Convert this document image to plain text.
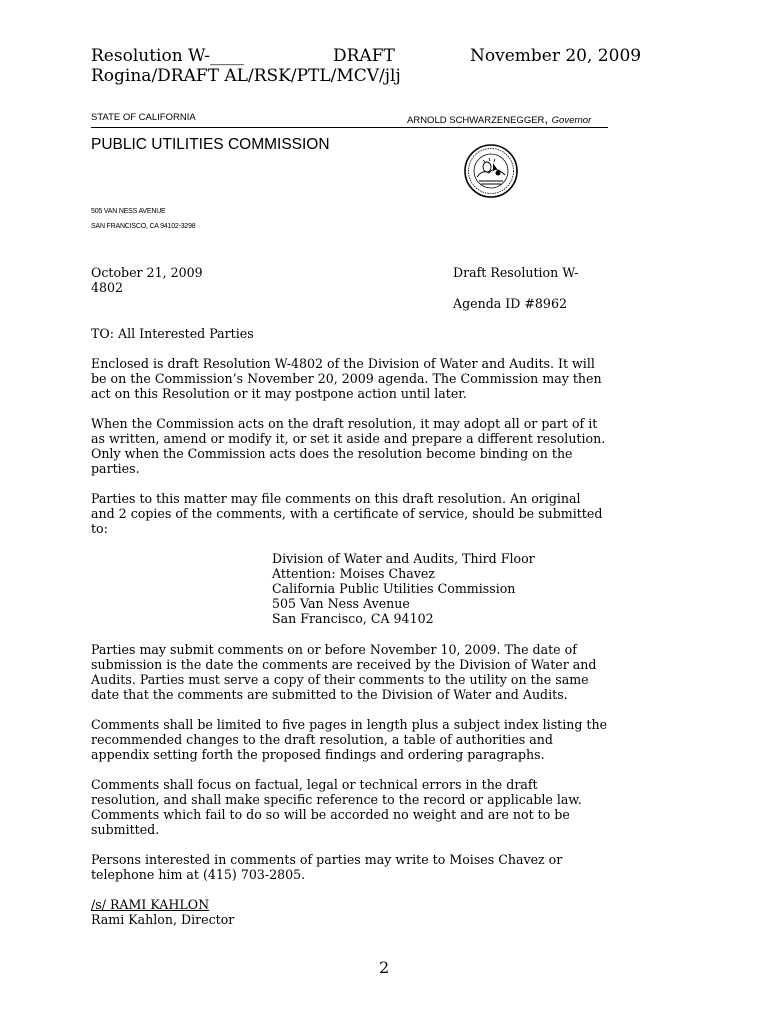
Resolution W-____	DRAFT	November 20, 2009
Rogina/DRAFT AL/RSK/PTL/MCV/jlj
STATE OF CALIFORNIA	ARNOLD SCHWARZENEGGER, Governor
PUBLIC UTILITIES COMMISSION
505 VAN NESS AVENUE
SAN FRANCISCO, CA 94102-3298
October 21, 2009	Draft Resolution W-
4802
Agenda ID #8962
TO: All Interested Parties
Enclosed is draft Resolution W-4802 of the Division of Water and Audits. It will
be on the Commission’s November 20, 2009 agenda. The Commission may then
act on this Resolution or it may postpone action until later.
When the Commission acts on the draft resolution, it may adopt all or part of it
as written, amend or modify it, or set it aside and prepare a different resolution.
Only when the Commission acts does the resolution become binding on the
parties.
Parties to this matter may file comments on this draft resolution. An original
and 2 copies of the comments, with a certificate of service, should be submitted
to:
Division of Water and Audits, Third Floor
Attention: Moises Chavez
California Public Utilities Commission
505 Van Ness Avenue
San Francisco, CA 94102
Parties may submit comments on or before November 10, 2009. The date of
submission is the date the comments are received by the Division of Water and
Audits. Parties must serve a copy of their comments to the utility on the same
date that the comments are submitted to the Division of Water and Audits.
Comments shall be limited to five pages in length plus a subject index listing the
recommended changes to the draft resolution, a table of authorities and
appendix setting forth the proposed findings and ordering paragraphs.
Comments shall focus on factual, legal or technical errors in the draft
resolution, and shall make specific reference to the record or applicable law.
Comments which fail to do so will be accorded no weight and are not to be
submitted.
Persons interested in comments of parties may write to Moises Chavez or
telephone him at (415) 703-2805.
/s/ RAMI KAHLON
Rami Kahlon, Director
2
